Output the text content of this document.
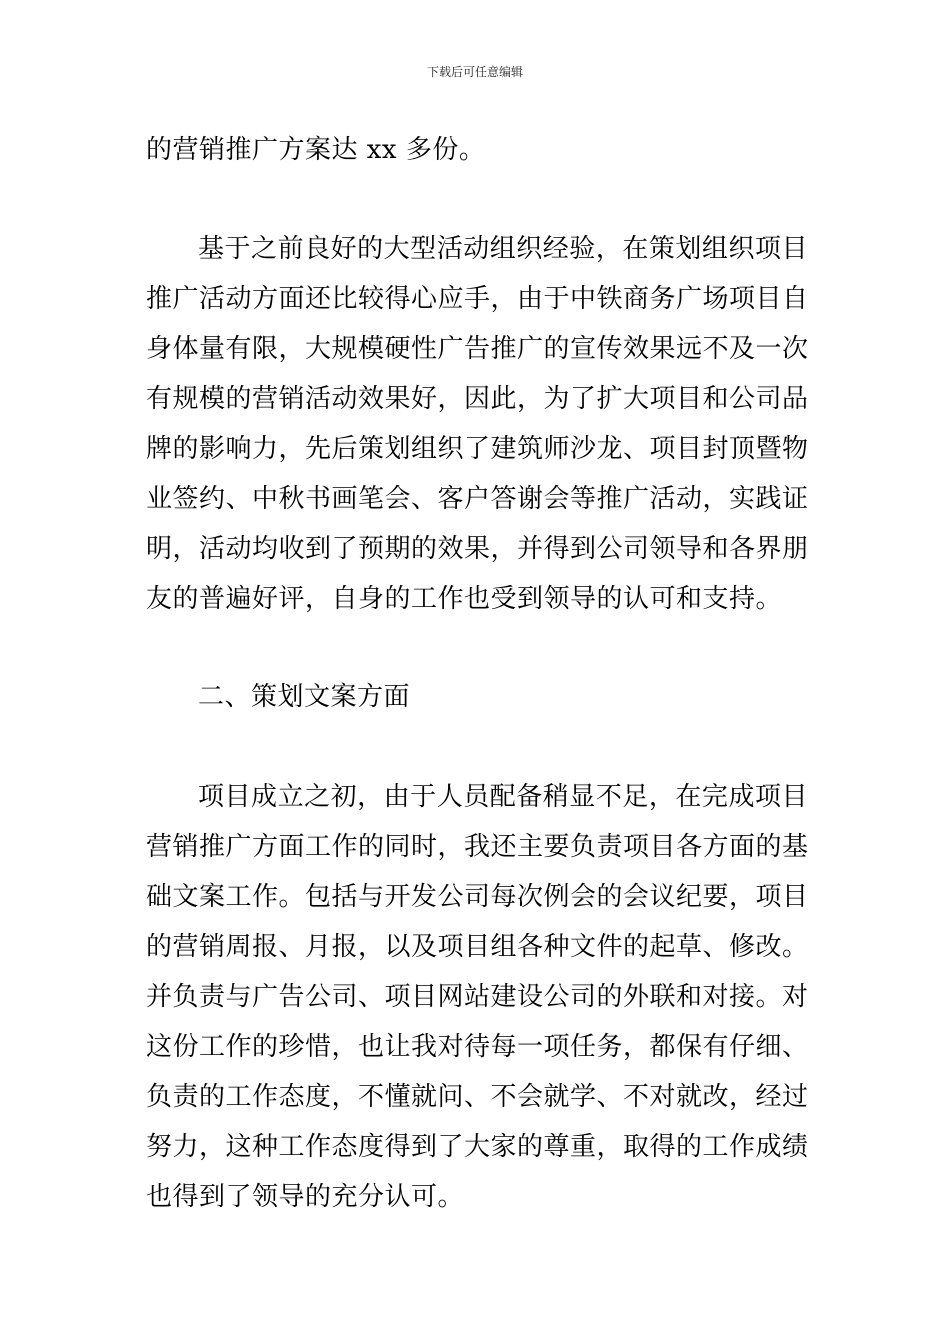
下载后可任意编辑
的营销推广方案达 xx 多份。
基于之前良好的大型活动组织经验，在策划组织项目
推广活动方面还比较得心应手，由于中铁商务广场项目自
身体量有限，大规模硬性广告推广的宣传效果远不及一次
有规模的营销活动效果好，因此，为了扩大项目和公司品
牌的影响力，先后策划组织了建筑师沙龙、项目封顶暨物
业签约、中秋书画笔会、客户答谢会等推广活动，实践证
明，活动均收到了预期的效果，并得到公司领导和各界朋
友的普遍好评，自身的工作也受到领导的认可和支持。
二、策划文案方面
项目成立之初，由于人员配备稍显不足，在完成项目
营销推广方面工作的同时，我还主要负责项目各方面的基
础文案工作。包括与开发公司每次例会的会议纪要，项目
的营销周报、月报，以及项目组各种文件的起草、修改。
并负责与广告公司、项目网站建设公司的外联和对接。对
这份工作的珍惜，也让我对待每一项任务，都保有仔细、
负责的工作态度，不懂就问、不会就学、不对就改，经过
努力，这种工作态度得到了大家的尊重，取得的工作成绩
也得到了领导的充分认可。
